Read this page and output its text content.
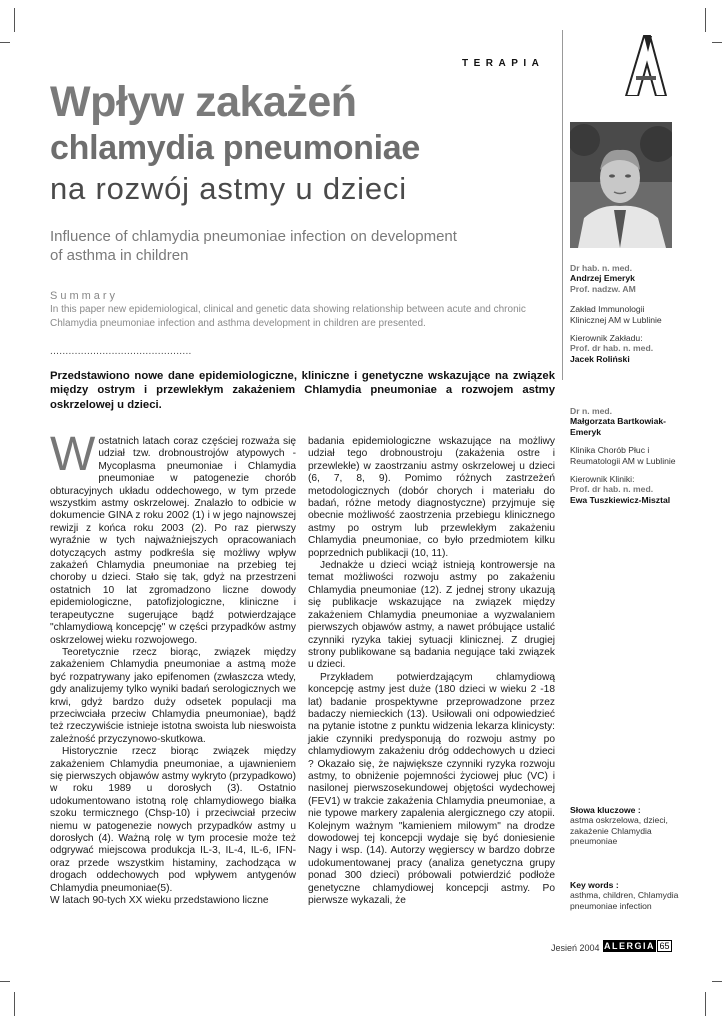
TERAPIA
Wpływ zakażeń
chlamydia pneumoniae
na rozwój astmy u dzieci
Influence of chlamydia pneumoniae infection on development of asthma in children
Summary
In this paper new epidemiological, clinical and genetic data showing relationship between acute and chronic Chlamydia pneumoniae infection and asthma development in children are presented.
..............................................
Przedstawiono nowe dane epidemiologiczne, kliniczne i genetyczne wskazujące na związek między ostrym i przewlekłym zakażeniem Chlamydia pneumoniae a rozwojem astmy oskrzelowej u dzieci.

Wostatnich latach coraz częściej rozważa się udział tzw. drobnoustrojów atypowych - Mycoplasma pneumoniae i Chlamydia pneumoniae w patogenezie chorób obturacyjnych układu oddechowego, w tym przede wszystkim astmy oskrzelowej. Znalazło to odbicie w dokumencie GINA z roku 2002 (1) i w jego najnowszej rewizji z końca roku 2003 (2). Po raz pierwszy wyraźnie w tych najważniejszych opracowaniach dotyczących astmy podkreśla się możliwy wpływ zakażeń Chlamydia pneumoniae na przebieg tej choroby u dzieci. Stało się tak, gdyż na przestrzeni ostatnich 10 lat zgromadzono liczne dowody epidemiologiczne, patofizjologiczne, kliniczne i terapeutyczne sugerujące bądź potwierdzające "chlamydiową koncepcję" w części przypadków astmy oskrzelowej wieku rozwojowego.

Teoretycznie rzecz biorąc, związek między zakażeniem Chlamydia pneumoniae a astmą może być rozpatrywany jako epifenomen (zwłaszcza wtedy, gdy analizujemy tylko wyniki badań serologicznych we krwi, gdyż bardzo duży odsetek populacji ma przeciwciała przeciw Chlamydia pneumoniae), bądź też rzeczywiście istnieje istotna swoista lub nieswoista zależność przyczynowo-skutkowa.

Historycznie rzecz biorąc związek między zakażeniem Chlamydia pneumoniae, a ujawnieniem się pierwszych objawów astmy wykryto (przypadkowo) w roku 1989 u dorosłych (3). Ostatnio udokumentowano istotną rolę chlamydiowego białka szoku termicznego (Chsp-10) i przeciwciał przeciw niemu w patogenezie nowych przypadków astmy u dorosłych (4). Ważną rolę w tym procesie może też odgrywać miejscowa produkcja IL-3, IL-4, IL-6, IFN- oraz przede wszystkim histaminy, zachodząca w drogach oddechowych pod wpływem antygenów Chlamydia pneumoniae(5).

W latach 90-tych XX wieku przedstawiono liczne

badania epidemiologiczne wskazujące na możliwy udział tego drobnoustroju (zakażenia ostre i przewlekłe) w zaostrzaniu astmy oskrzelowej u dzieci (6, 7, 8, 9). Pomimo różnych zastrzeżeń metodologicznych (dobór chorych i materiału do badań, różne metody diagnostyczne) przyjmuje się obecnie możliwość zaostrzenia przebiegu klinicznego astmy po ostrym lub przewlekłym zakażeniu Chlamydia pneumoniae, co było przedmiotem kilku poprzednich publikacji (10, 11).

Jednakże u dzieci wciąż istnieją kontrowersje na temat możliwości rozwoju astmy po zakażeniu Chlamydia pneumoniae (12). Z jednej strony ukazują się publikacje wskazujące na związek między zakażeniem Chlamydia pneumoniae a wyzwalaniem pierwszych objawów astmy, a nawet próbujące ustalić czynniki ryzyka takiej sytuacji klinicznej. Z drugiej strony publikowane są badania negujące taki związek u dzieci.

Przykładem potwierdzającym chlamydiową koncepcję astmy jest duże (180 dzieci w wieku 2 -18 lat) badanie prospektywne przeprowadzone przez badaczy niemieckich (13). Usiłowali oni odpowiedzieć na pytanie istotne z punktu widzenia lekarza klinicysty: jakie czynniki predysponują do rozwoju astmy po chlamydiowym zakażeniu dróg oddechowych u dzieci ? Okazało się, że największe czynniki ryzyka rozwoju astmy, to obniżenie pojemności życiowej płuc (VC) i nasilonej pierwszosekundowej objętości wydechowej (FEV1) w trakcie zakażenia Chlamydia pneumoniae, a nie typowe markery zapalenia alergicznego czy atopii. Kolejnym ważnym "kamieniem milowym" na drodze dowodowej tej koncepcji wydaje się być doniesienie Nagy i wsp. (14). Autorzy węgierscy w bardzo dobrze udokumentowanej pracy (analiza genetyczna grupy ponad 300 dzieci) próbowali potwierdzić podłoże genetyczne chlamydiowej koncepcji astmy. Po pierwsze wykazali, że

Dr hab. n. med.
Andrzej Emeryk
Prof. nadzw. AM
Zakład Immunologii Klinicznej AM w Lublinie
Kierownik Zakładu:
Prof. dr hab. n. med.
Jacek Roliński
Dr n. med.
Małgorzata Bartkowiak-Emeryk
Klinika Chorób Płuc i Reumatologii AM w Lublinie
Kierownik Kliniki:
Prof. dr hab. n. med.
Ewa Tuszkiewicz-Misztal
Słowa kluczowe :
astma oskrzelowa, dzieci, zakażenie Chlamydia pneumoniae
Key words :
asthma, children, Chlamydia pneumoniae infection
Jesień 2004 ALERGIA 65
